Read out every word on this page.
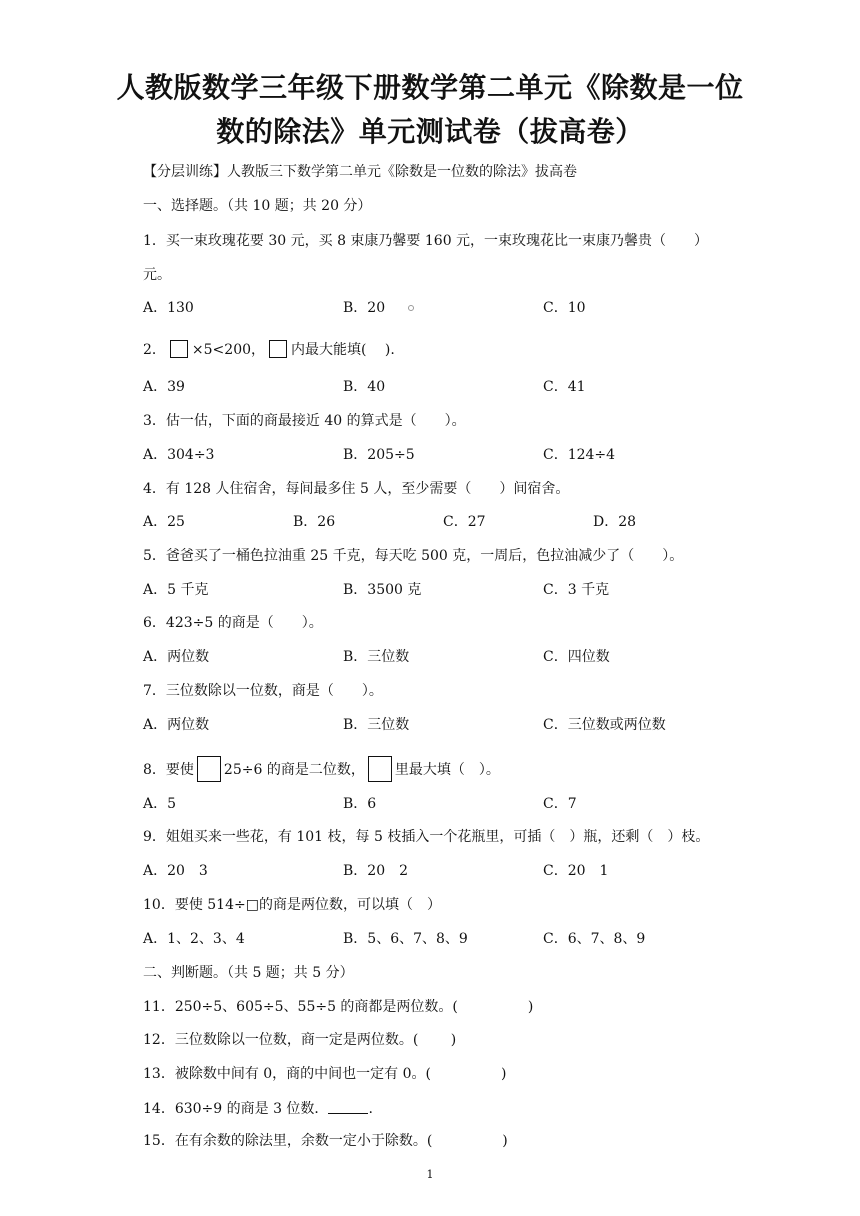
人教版数学三年级下册数学第二单元《除数是一位
数的除法》单元测试卷（拔高卷）
【分层训练】人教版三下数学第二单元《除数是一位数的除法》拔高卷
一、选择题。（共 10 题；共 20 分）
1．买一束玫瑰花要 30 元，买 8 束康乃馨要 160 元，一束玫瑰花比一束康乃馨贵（　　）
元。
A．130	B．20	C．10
2． ×5<200， 内最大能填(　 ).
A．39	B．40	C．41
3．估一估，下面的商最接近 40 的算式是（　　）。
A．304÷3	B．205÷5	C．124÷4
4．有 128 人住宿舍，每间最多住 5 人，至少需要（　　）间宿舍。
A．25	B．26	C．27	D．28
5．爸爸买了一桶色拉油重 25 千克，每天吃 500 克，一周后，色拉油减少了（　　）。
A．5 千克	B．3500 克	C．3 千克
6．423÷5 的商是（　　）。
A．两位数	B．三位数	C．四位数
7．三位数除以一位数，商是（　　）。
A．两位数	B．三位数	C．三位数或两位数
8．要使 25÷6 的商是二位数， 里最大填（　）。
A．5	B．6	C．7
9．姐姐买来一些花，有 101 枝，每 5 枝插入一个花瓶里，可插（　）瓶，还剩（　）枝。
A．20　3	B．20　2	C．20　1
10．要使 514÷□的商是两位数，可以填（　）
A．1、2、3、4	B．5、6、7、8、9	C．6、7、8、9
二、判断题。（共 5 题；共 5 分）
11．250÷5、605÷5、55÷5 的商都是两位数。(　　　　　)
12．三位数除以一位数，商一定是两位数。(　　 )
13．被除数中间有 0，商的中间也一定有 0。(　　　　　)
14．630÷9 的商是 3 位数．	.
15．在有余数的除法里，余数一定小于除数。(　　　　　)
1
